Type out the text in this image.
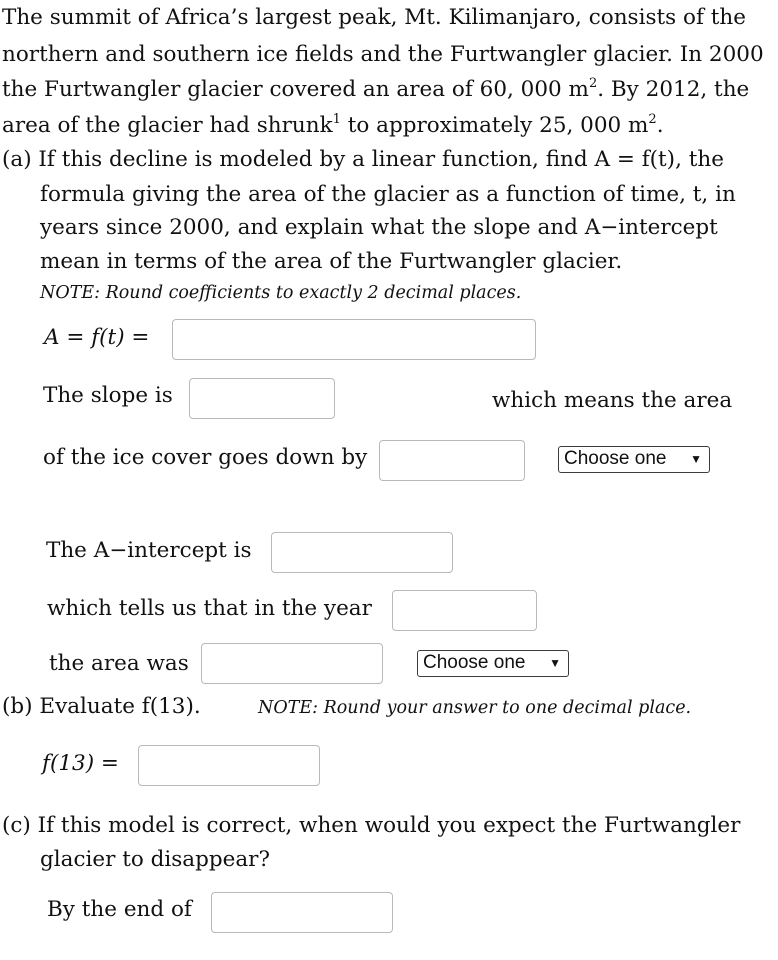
The summit of Africa’s largest peak, Mt. Kilimanjaro, consists of the
northern and southern ice fields and the Furtwangler glacier. In 2000
the Furtwangler glacier covered an area of 60, 000 $m^2$. By 2012, the
area of the glacier had shrunk$^1$ to approximately 25, 000 $m^2$.
(a) If this decline is modeled by a linear function, find A = f(t), the
formula giving the area of the glacier as a function of time, t, in
years since 2000, and explain what the slope and A−intercept
mean in terms of the area of the Furtwangler glacier.
NOTE: Round coefficients to exactly 2 decimal places.
A = f(t) =
The slope is	which means the area
of the ice cover goes down by	Choose one ▼
The A−intercept is
which tells us that in the year
the area was	Choose one ▼
(b) Evaluate f(13).	NOTE: Round your answer to one decimal place.
f(13) =
(c) If this model is correct, when would you expect the Furtwangler
glacier to disappear?
By the end of
